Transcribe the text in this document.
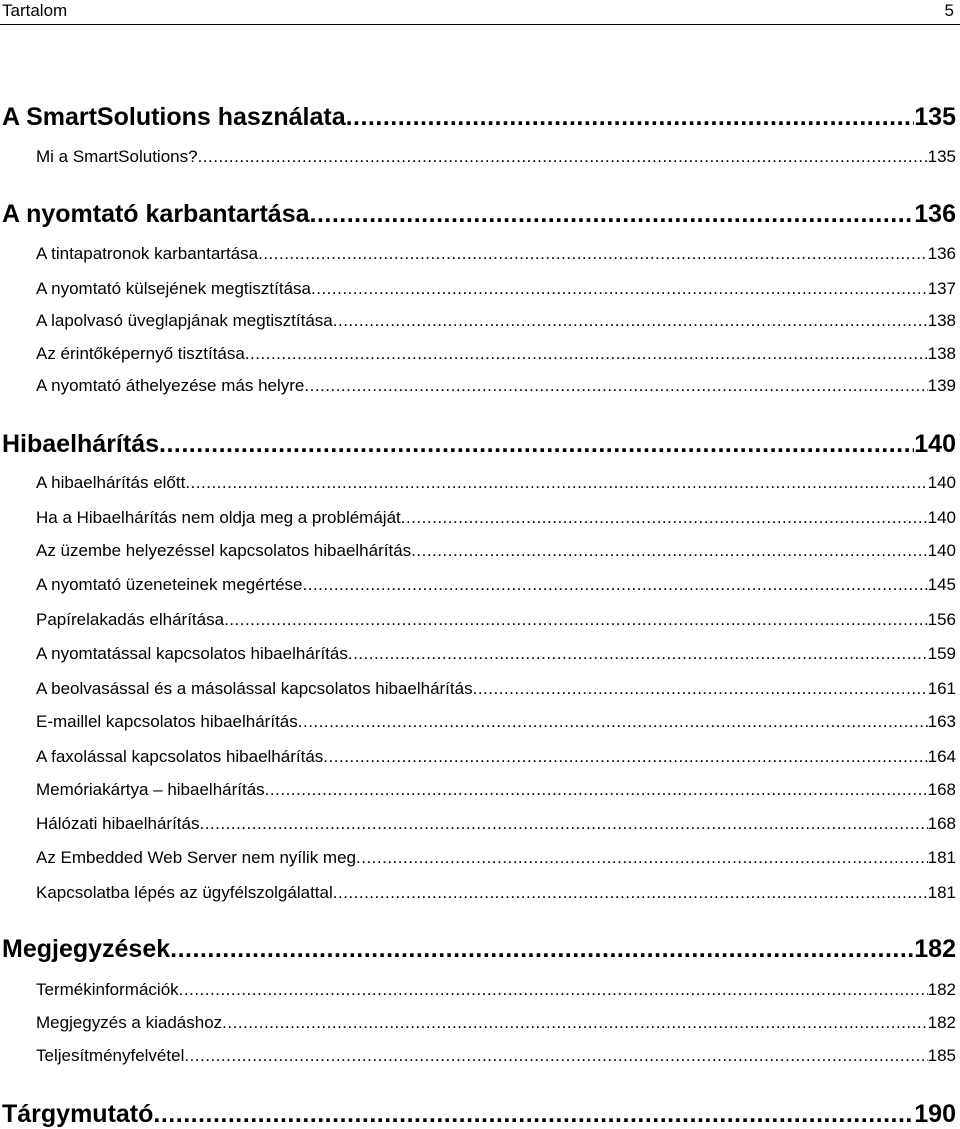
Tartalom	5
A SmartSolutions használata .....	135
Mi a SmartSolutions? .....	135
A nyomtató karbantartása .....	136
A tintapatronok karbantartása .....	136
A nyomtató külsejének megtisztítása .....	137
A lapolvasó üveglapjának megtisztítása .....	138
Az érintőképernyő tisztítása .....	138
A nyomtató áthelyezése más helyre .....	139
Hibaelhárítás .....	140
A hibaelhárítás előtt .....	140
Ha a Hibaelhárítás nem oldja meg a problémáját .....	140
Az üzembe helyezéssel kapcsolatos hibaelhárítás .....	140
A nyomtató üzeneteinek megértése .....	145
Papírelakadás elhárítása .....	156
A nyomtatással kapcsolatos hibaelhárítás .....	159
A beolvasással és a másolással kapcsolatos hibaelhárítás .....	161
E-maillel kapcsolatos hibaelhárítás .....	163
A faxolással kapcsolatos hibaelhárítás .....	164
Memóriakártya – hibaelhárítás .....	168
Hálózati hibaelhárítás .....	168
Az Embedded Web Server nem nyílik meg .....	181
Kapcsolatba lépés az ügyfélszolgálattal .....	181
Megjegyzések .....	182
Termékinformációk .....	182
Megjegyzés a kiadáshoz .....	182
Teljesítményfelvétel .....	185
Tárgymutató .....	190
